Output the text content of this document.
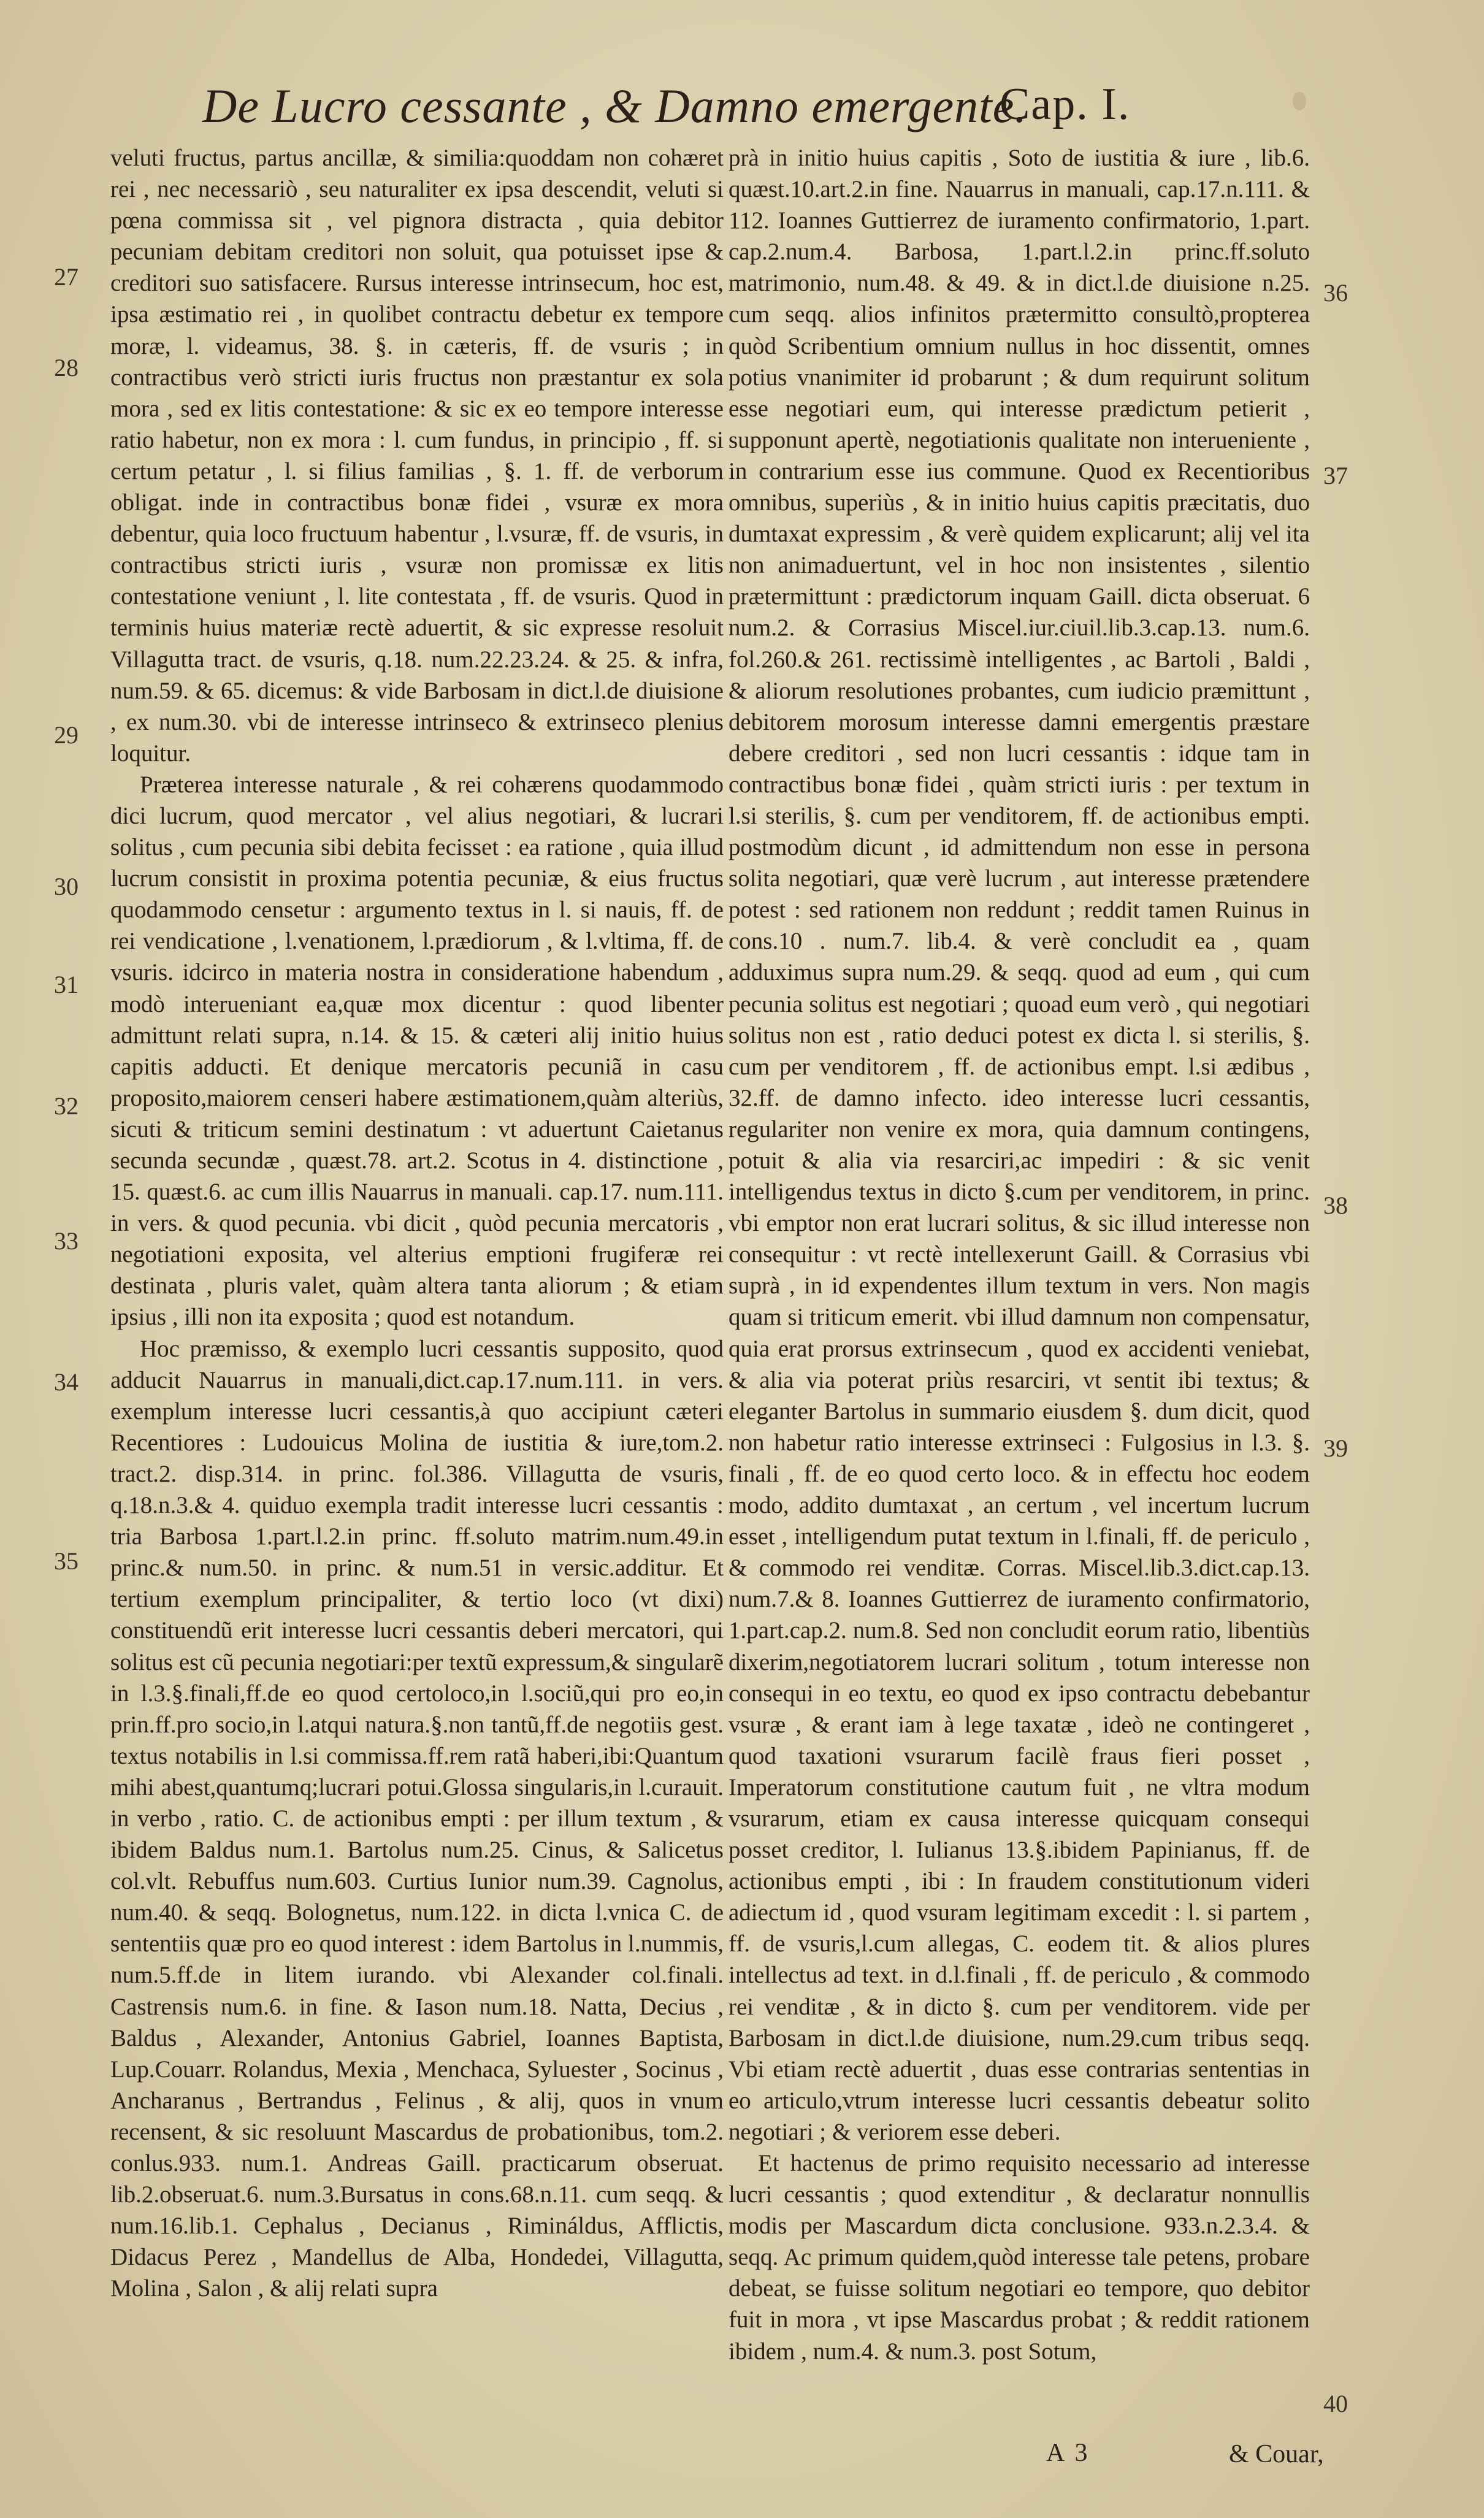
De Lucro cessante , & Damno emergente.
Cap. I.

veluti fructus, partus ancillæ, & similia:quoddam non cohæret rei , nec necessariò , seu naturaliter ex ipsa descendit, veluti si pœna commissa sit , vel pignora distracta , quia debitor pecuniam debitam creditori non soluit, qua potuisset ipse & creditori suo satisfacere. Rursus interesse intrinsecum, hoc est, ipsa æstimatio rei , in quolibet contractu debetur ex tempore moræ, l. videamus, 38. §. in cæteris, ff. de vsuris ; in contractibus verò stricti iuris fructus non præstantur ex sola mora , sed ex litis contestatione: & sic ex eo tempore interesse ratio habetur, non ex mora : l. cum fundus, in principio , ff. si certum petatur , l. si filius familias , §. 1. ff. de verborum obligat. inde in contractibus bonæ fidei , vsuræ ex mora debentur, quia loco fructuum habentur , l.vsuræ, ff. de vsuris, in contractibus stricti iuris , vsuræ non promissæ ex litis contestatione veniunt , l. lite contestata , ff. de vsuris. Quod in terminis huius materiæ rectè aduertit, & sic expresse resoluit Villagutta tract. de vsuris, q.18. num.22.23.24. & 25. & infra, num.59. & 65. dicemus: & vide Barbosam in dict.l.de diuisione , ex num.30. vbi de interesse intrinseco & extrinseco plenius loquitur.

Præterea interesse naturale , & rei cohærens quodammodo dici lucrum, quod mercator , vel alius negotiari, & lucrari solitus , cum pecunia sibi debita fecisset : ea ratione , quia illud lucrum consistit in proxima potentia pecuniæ, & eius fructus quodammodo censetur : argumento textus in l. si nauis, ff. de rei vendicatione , l.venationem, l.prædiorum , & l.vltima, ff. de vsuris. idcirco in materia nostra in consideratione habendum , modò interueniant ea,quæ mox dicentur : quod libenter admittunt relati supra, n.14. & 15. & cæteri alij initio huius capitis adducti. Et denique mercatoris pecuniã in casu proposito,maiorem censeri habere æstimationem,quàm alteriùs, sicuti & triticum semini destinatum : vt aduertunt Caietanus secunda secundæ , quæst.78. art.2. Scotus in 4. distinctione , 15. quæst.6. ac cum illis Nauarrus in manuali. cap.17. num.111. in vers. & quod pecunia. vbi dicit , quòd pecunia mercatoris , negotiationi exposita, vel alterius emptioni frugiferæ rei destinata , pluris valet, quàm altera tanta aliorum ; & etiam ipsius , illi non ita exposita ; quod est notandum.

Hoc præmisso, & exemplo lucri cessantis supposito, quod adducit Nauarrus in manuali,dict.cap.17.num.111. in vers. exemplum interesse lucri cessantis,à quo accipiunt cæteri Recentiores : Ludouicus Molina de iustitia & iure,tom.2. tract.2. disp.314. in princ. fol.386. Villagutta de vsuris, q.18.n.3.& 4. quiduo exempla tradit interesse lucri cessantis : tria Barbosa 1.part.l.2.in princ. ff.soluto matrim.num.49.in princ.& num.50. in princ. & num.51 in versic.additur. Et tertium exemplum principaliter, & tertio loco (vt dixi) constituendũ erit interesse lucri cessantis deberi mercatori, qui solitus est cũ pecunia negotiari:per textũ expressum,& singularẽ in l.3.§.finali,ff.de eo quod certoloco,in l.sociũ,qui pro eo,in prin.ff.pro socio,in l.atqui natura.§.non tantũ,ff.de negotiis gest. textus notabilis in l.si commissa.ff.rem ratã haberi,ibi:Quantum mihi abest,quantumq;lucrari potui.Glossa singularis,in l.curauit. in verbo , ratio. C. de actionibus empti : per illum textum , & ibidem Baldus num.1. Bartolus num.25. Cinus, & Salicetus col.vlt. Rebuffus num.603. Curtius Iunior num.39. Cagnolus, num.40. & seqq. Bolognetus, num.122. in dicta l.vnica C. de sententiis quæ pro eo quod interest : idem Bartolus in l.nummis, num.5.ff.de in litem iurando. vbi Alexander col.finali. Castrensis num.6. in fine. & Iason num.18. Natta, Decius , Baldus , Alexander, Antonius Gabriel, Ioannes Baptista, Lup.Couarr. Rolandus, Mexia , Menchaca, Syluester , Socinus , Ancharanus , Bertrandus , Felinus , & alij, quos in vnum recensent, & sic resoluunt Mascardus de probationibus, tom.2. conlus.933. num.1. Andreas Gaill. practicarum obseruat. lib.2.obseruat.6. num.3.Bursatus in cons.68.n.11. cum seqq. & num.16.lib.1. Cephalus , Decianus , Rimináldus, Afflictis, Didacus Perez , Mandellus de Alba, Hondedei, Villagutta, Molina , Salon , & alij relati supra

prà in initio huius capitis , Soto de iustitia & iure , lib.6. quæst.10.art.2.in fine. Nauarrus in manuali, cap.17.n.111. & 112. Ioannes Guttierrez de iuramento confirmatorio, 1.part. cap.2.num.4. Barbosa, 1.part.l.2.in princ.ff.soluto matrimonio, num.48. & 49. & in dict.l.de diuisione n.25. cum seqq. alios infinitos prætermitto consultò,propterea quòd Scribentium omnium nullus in hoc dissentit, omnes potius vnanimiter id probarunt ; & dum requirunt solitum esse negotiari eum, qui interesse prædictum petierit , supponunt apertè, negotiationis qualitate non interueniente , in contrarium esse ius commune. Quod ex Recentioribus omnibus, superiùs , & in initio huius capitis præcitatis, duo dumtaxat expressim , & verè quidem explicarunt; alij vel ita non animaduertunt, vel in hoc non insistentes , silentio prætermittunt : prædictorum inquam Gaill. dicta obseruat. 6 num.2. & Corrasius Miscel.iur.ciuil.lib.3.cap.13. num.6. fol.260.& 261. rectissimè intelligentes , ac Bartoli , Baldi , & aliorum resolutiones probantes, cum iudicio præmittunt , debitorem morosum interesse damni emergentis præstare debere creditori , sed non lucri cessantis : idque tam in contractibus bonæ fidei , quàm stricti iuris : per textum in l.si sterilis, §. cum per venditorem, ff. de actionibus empti. postmodùm dicunt , id admittendum non esse in persona solita negotiari, quæ verè lucrum , aut interesse prætendere potest : sed rationem non reddunt ; reddit tamen Ruinus in cons.10 . num.7. lib.4. & verè concludit ea , quam adduximus supra num.29. & seqq. quod ad eum , qui cum pecunia solitus est negotiari ; quoad eum verò , qui negotiari solitus non est , ratio deduci potest ex dicta l. si sterilis, §. cum per venditorem , ff. de actionibus empt. l.si ædibus , 32.ff. de damno infecto. ideo interesse lucri cessantis, regulariter non venire ex mora, quia damnum contingens, potuit & alia via resarciri,ac impediri : & sic venit intelligendus textus in dicto §.cum per venditorem, in princ. vbi emptor non erat lucrari solitus, & sic illud interesse non consequitur : vt rectè intellexerunt Gaill. & Corrasius vbi suprà , in id expendentes illum textum in vers. Non magis quam si triticum emerit. vbi illud damnum non compensatur, quia erat prorsus extrinsecum , quod ex accidenti veniebat, & alia via poterat priùs resarciri, vt sentit ibi textus; & eleganter Bartolus in summario eiusdem §. dum dicit, quod non habetur ratio interesse extrinseci : Fulgosius in l.3. §. finali , ff. de eo quod certo loco. & in effectu hoc eodem modo, addito dumtaxat , an certum , vel incertum lucrum esset , intelligendum putat textum in l.finali, ff. de periculo , & commodo rei venditæ. Corras. Miscel.lib.3.dict.cap.13. num.7.& 8. Ioannes Guttierrez de iuramento confirmatorio, 1.part.cap.2. num.8. Sed non concludit eorum ratio, libentiùs dixerim,negotiatorem lucrari solitum , totum interesse non consequi in eo textu, eo quod ex ipso contractu debebantur vsuræ , & erant iam à lege taxatæ , ideò ne contingeret , quod taxationi vsurarum facilè fraus fieri posset , Imperatorum constitutione cautum fuit , ne vltra modum vsurarum, etiam ex causa interesse quicquam consequi posset creditor, l. Iulianus 13.§.ibidem Papinianus, ff. de actionibus empti , ibi : In fraudem constitutionum videri adiectum id , quod vsuram legitimam excedit : l. si partem , ff. de vsuris,l.cum allegas, C. eodem tit. & alios plures intellectus ad text. in d.l.finali , ff. de periculo , & commodo rei venditæ , & in dicto §. cum per venditorem. vide per Barbosam in dict.l.de diuisione, num.29.cum tribus seqq. Vbi etiam rectè aduertit , duas esse contrarias sententias in eo articulo,vtrum interesse lucri cessantis debeatur solito negotiari ; & veriorem esse deberi.

Et hactenus de primo requisito necessario ad interesse lucri cessantis ; quod extenditur , & declaratur nonnullis modis per Mascardum dicta conclusione. 933.n.2.3.4. & seqq. Ac primum quidem,quòd interesse tale petens, probare debeat, se fuisse solitum negotiari eo tempore, quo debitor fuit in mora , vt ipse Mascardus probat ; & reddit rationem ibidem , num.4. & num.3. post Sotum,

27
28
29
30
31
32
33
34
35
36
37
38
39
40
A 3	& Couar,
